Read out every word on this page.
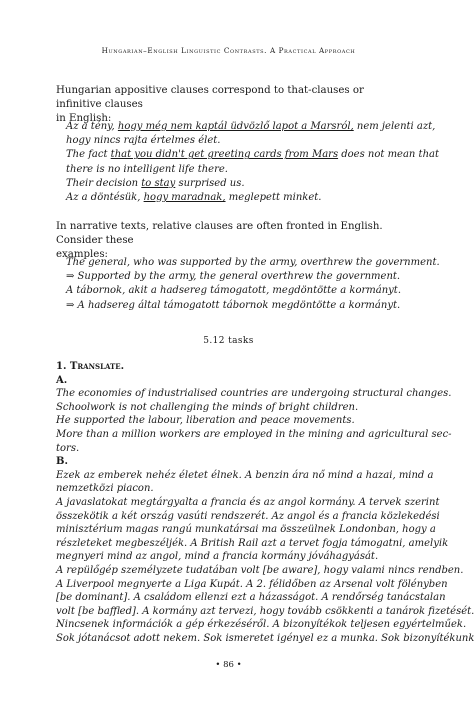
Hungarian–English Linguistic Contrasts. A Practical Approach

Hungarian appositive clauses correspond to that-clauses or infinitive clauses

in English:

Az a tény, hogy még nem kaptál üdvözlő lapot a Marsról, nem jelenti azt,
hogy nincs rajta értelmes élet.
The fact that you didn't get greeting cards from Mars does not mean that
there is no intelligent life there.
Their decision to stay surprised us.
Az a döntésük, hogy maradnak, meglepett minket.

In narrative texts, relative clauses are often fronted in English. Consider these

examples:

The general, who was supported by the army, overthrew the government.
⇒ Supported by the army, the general overthrew the government.
A tábornok, akit a hadsereg támogatott, megdöntötte a kormányt.
⇒ A hadsereg által támogatott tábornok megdöntötte a kormányt.
5.12 tasks
1. Translate.
A.
The economies of industrialised countries are undergoing structural changes.
Schoolwork is not challenging the minds of bright children.
He supported the labour, liberation and peace movements.
More than a million workers are employed in the mining and agricultural sec-
tors.
B.
Ezek az emberek nehéz életet élnek. A benzin ára nő mind a hazai, mind a
nemzetközi piacon.
A javaslatokat megtárgyalta a francia és az angol kormány. A tervek szerint
összekötik a két ország vasúti rendszerét. Az angol és a francia közlekedési
minisztérium magas rangú munkatársai ma összeülnek Londonban, hogy a
részleteket megbeszéljék. A British Rail azt a tervet fogja támogatni, amelyik
megnyeri mind az angol, mind a francia kormány jóváhagyását.
A repülőgép személyzete tudatában volt [be aware], hogy valami nincs rendben.
A Liverpool megnyerte a Liga Kupát. A 2. félidőben az Arsenal volt fölényben
[be dominant]. A családom ellenzi ezt a házasságot. A rendőrség tanácstalan
volt [be baffled]. A kormány azt tervezi, hogy tovább csökkenti a tanárok fizetését.
Nincsenek információk a gép érkezéséről. A bizonyítékok teljesen egyértelműek.
Sok jótanácsot adott nekem. Sok ismeretet igényel ez a munka. Sok bizonyítékunk
• 86 •
